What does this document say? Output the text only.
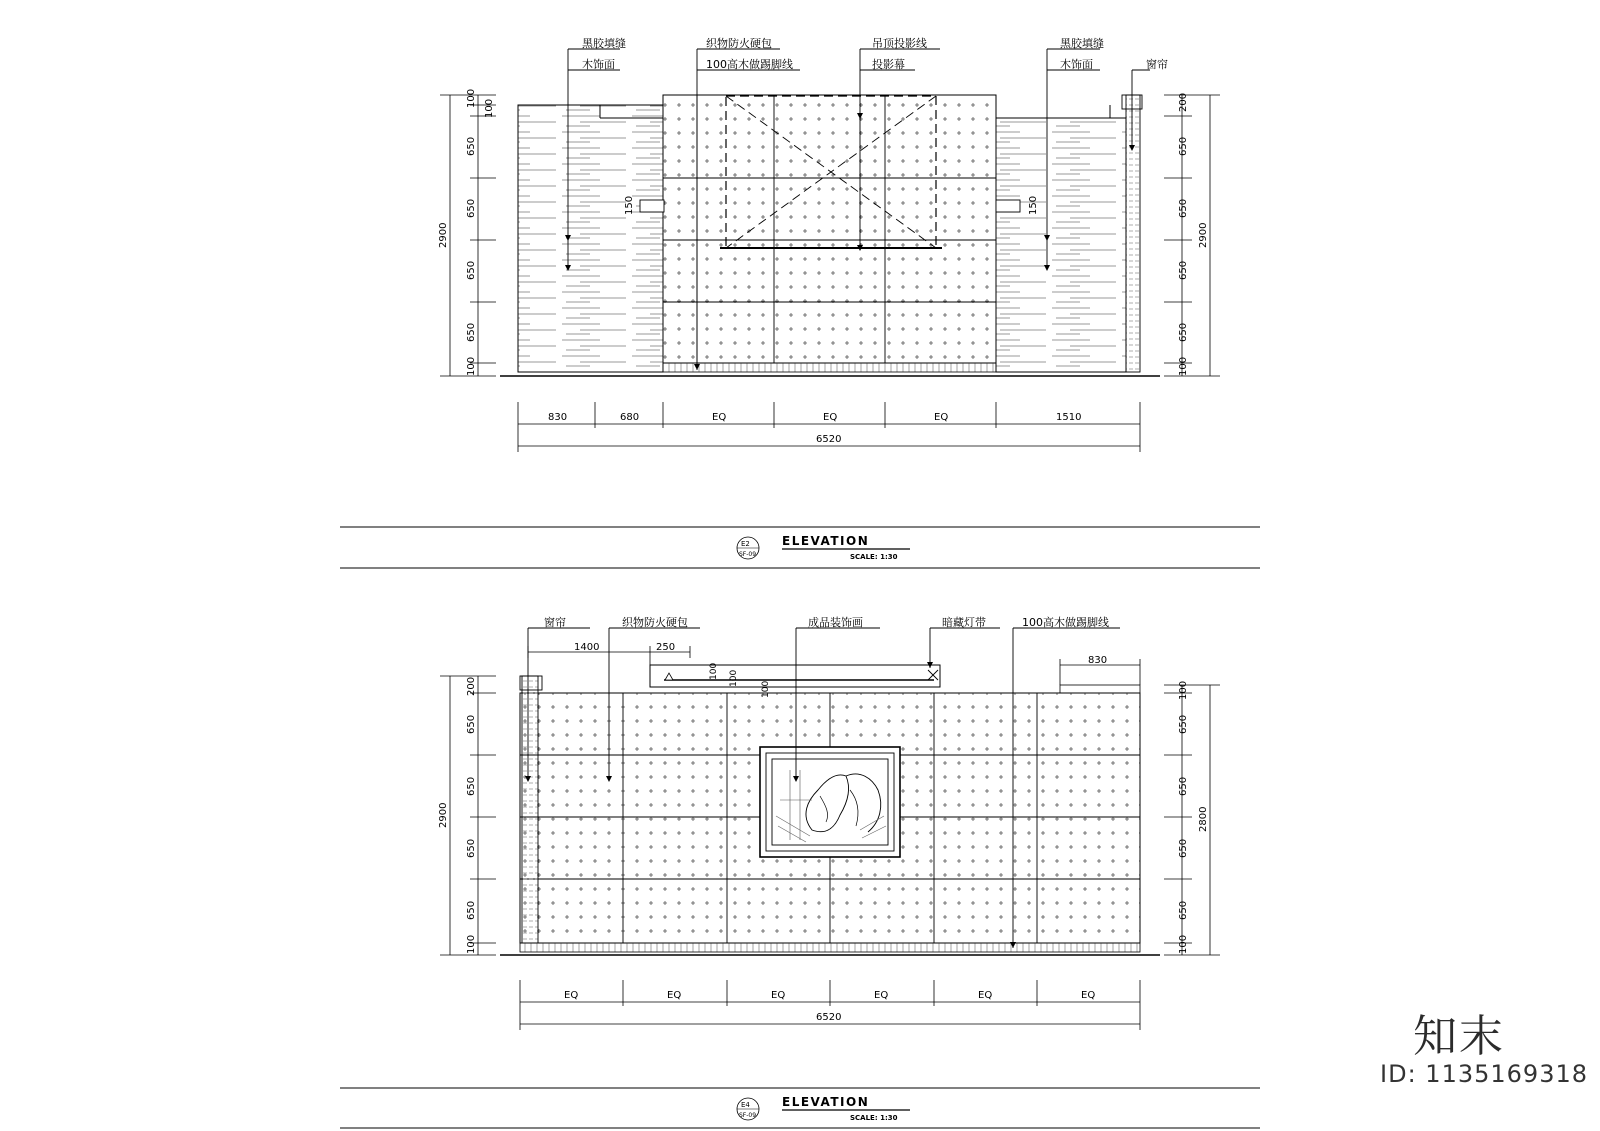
黑胶填缝
木饰面
织物防火硬包
100高木做踢脚线
吊顶投影线
投影幕
黑胶填缝
木饰面	窗帘
100
100
650
650
650
650
100
2900
200
650
650
650
650
100
2900
150	150
830	680	EQ	EQ	EQ	1510
6520
E2
SF-09
ELEVATION
SCALE: 1:30
窗帘	织物防火硬包	成品装饰画	暗藏灯带	100高木做踢脚线
1400	250
830
100 100
100
200
650
650
650
650
100
2900
100
650
650
650
650
100
2800
EQ	EQ	EQ	EQ	EQ	EQ
6520
E4
SF-09
ELEVATION
SCALE: 1:30
知末
ID: 1135169318
